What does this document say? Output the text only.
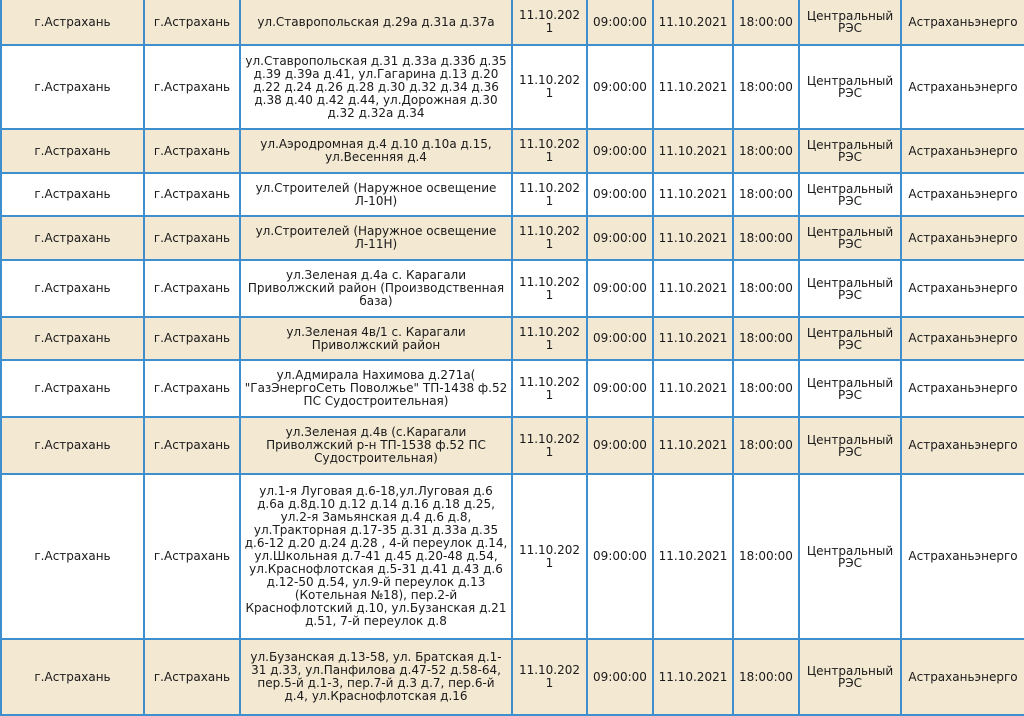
г.Астрахань	г.Астрахань	ул.Ставропольская д.29а д.31а д.37а	11.10.2021	09:00:00	11.10.2021	18:00:00	Центральный РЭС	Астраханьэнерго
г.Астрахань	г.Астрахань	ул.Ставропольская д.31 д.33а д.33б д.35 д.39 д.39а д.41, ул.Гагарина д.13 д.20 д.22 д.24 д.26 д.28 д.30 д.32 д.34 д.36 д.38 д.40 д.42 д.44, ул.Дорожная д.30 д.32 д.32а д.34	11.10.2021	09:00:00	11.10.2021	18:00:00	Центральный РЭС	Астраханьэнерго
г.Астрахань	г.Астрахань	ул.Аэродромная д.4 д.10 д.10а д.15, ул.Весенняя д.4	11.10.2021	09:00:00	11.10.2021	18:00:00	Центральный РЭС	Астраханьэнерго
г.Астрахань	г.Астрахань	ул.Строителей (Наружное освещение Л-10Н)	11.10.2021	09:00:00	11.10.2021	18:00:00	Центральный РЭС	Астраханьэнерго
г.Астрахань	г.Астрахань	ул.Строителей (Наружное освещение Л-11Н)	11.10.2021	09:00:00	11.10.2021	18:00:00	Центральный РЭС	Астраханьэнерго
г.Астрахань	г.Астрахань	ул.Зеленая д.4а с. Карагали Приволжский район (Производственная база)	11.10.2021	09:00:00	11.10.2021	18:00:00	Центральный РЭС	Астраханьэнерго
г.Астрахань	г.Астрахань	ул.Зеленая 4в/1 с. Карагали Приволжский район	11.10.2021	09:00:00	11.10.2021	18:00:00	Центральный РЭС	Астраханьэнерго
г.Астрахань	г.Астрахань	ул.Адмирала Нахимова д.271а( "ГазЭнергоСеть Поволжье" ТП-1438 ф.52 ПС Судостроительная)	11.10.2021	09:00:00	11.10.2021	18:00:00	Центральный РЭС	Астраханьэнерго
г.Астрахань	г.Астрахань	ул.Зеленая д.4в (с.Карагали Приволжский р-н ТП-1538 ф.52 ПС Судостроительная)	11.10.2021	09:00:00	11.10.2021	18:00:00	Центральный РЭС	Астраханьэнерго
г.Астрахань	г.Астрахань	ул.1-я Луговая д.6-18,ул.Луговая д.6 д.6а д.8д.10 д.12 д.14 д.16 д.18 д.25, ул.2-я Замьянская д.4 д.6 д.8, ул.Тракторная д.17-35 д.31 д.33а д.35 д.6-12 д.20 д.24 д.28 , 4-й переулок д.14, ул.Школьная д.7-41 д.45 д.20-48 д.54, ул.Краснофлотская д.5-31 д.41 д.43 д.6 д.12-50 д.54, ул.9-й переулок д.13 (Котельная №18), пер.2-й Краснофлотский д.10, ул.Бузанская д.21 д.51, 7-й переулок д.8	11.10.2021	09:00:00	11.10.2021	18:00:00	Центральный РЭС	Астраханьэнерго
г.Астрахань	г.Астрахань	ул.Бузанская д.13-58, ул. Братская д.1-31 д.33, ул.Панфилова д.47-52 д.58-64, пер.5-й д.1-3, пер.7-й д.3 д.7, пер.6-й д.4, ул.Краснофлотская д.16	11.10.2021	09:00:00	11.10.2021	18:00:00	Центральный РЭС	Астраханьэнерго
